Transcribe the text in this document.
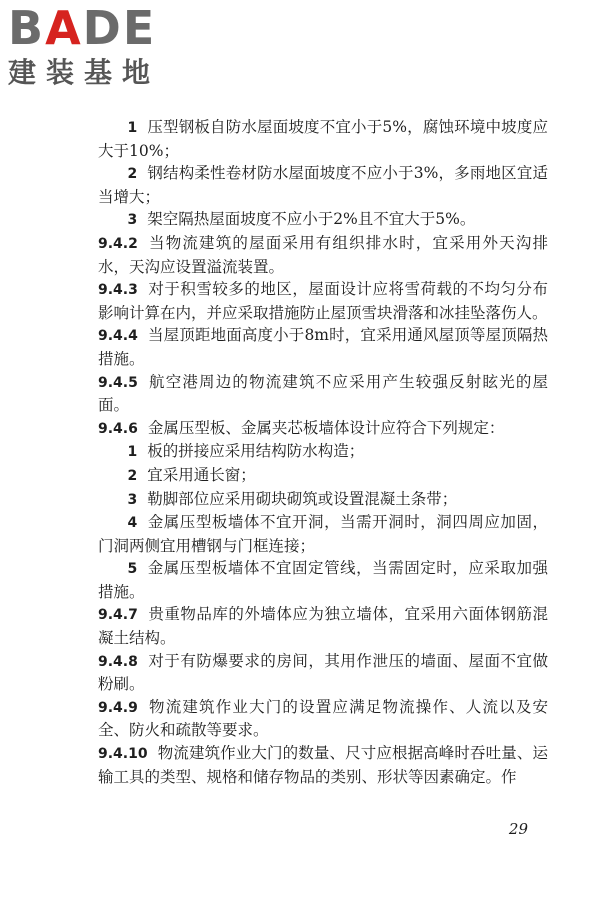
BADE
建装基地

1 压型钢板自防水屋面坡度不宜小于5%，腐蚀环境中坡度应大于10%；

2 钢结构柔性卷材防水屋面坡度不应小于3%，多雨地区宜适当增大；

3 架空隔热屋面坡度不应小于2%且不宜大于5%。

9.4.2 当物流建筑的屋面采用有组织排水时，宜采用外天沟排水，天沟应设置溢流装置。

9.4.3 对于积雪较多的地区，屋面设计应将雪荷载的不均匀分布影响计算在内，并应采取措施防止屋顶雪块滑落和冰挂坠落伤人。

9.4.4 当屋顶距地面高度小于8m时，宜采用通风屋顶等屋顶隔热措施。

9.4.5 航空港周边的物流建筑不应采用产生较强反射眩光的屋面。

9.4.6 金属压型板、金属夹芯板墙体设计应符合下列规定：

1 板的拼接应采用结构防水构造；

2 宜采用通长窗；

3 勒脚部位应采用砌块砌筑或设置混凝土条带；

4 金属压型板墙体不宜开洞，当需开洞时，洞四周应加固，门洞两侧宜用槽钢与门框连接；

5 金属压型板墙体不宜固定管线，当需固定时，应采取加强措施。

9.4.7 贵重物品库的外墙体应为独立墙体，宜采用六面体钢筋混凝土结构。

9.4.8 对于有防爆要求的房间，其用作泄压的墙面、屋面不宜做粉刷。

9.4.9 物流建筑作业大门的设置应满足物流操作、人流以及安全、防火和疏散等要求。

9.4.10 物流建筑作业大门的数量、尺寸应根据高峰时吞吐量、运输工具的类型、规格和储存物品的类别、形状等因素确定。作

29
